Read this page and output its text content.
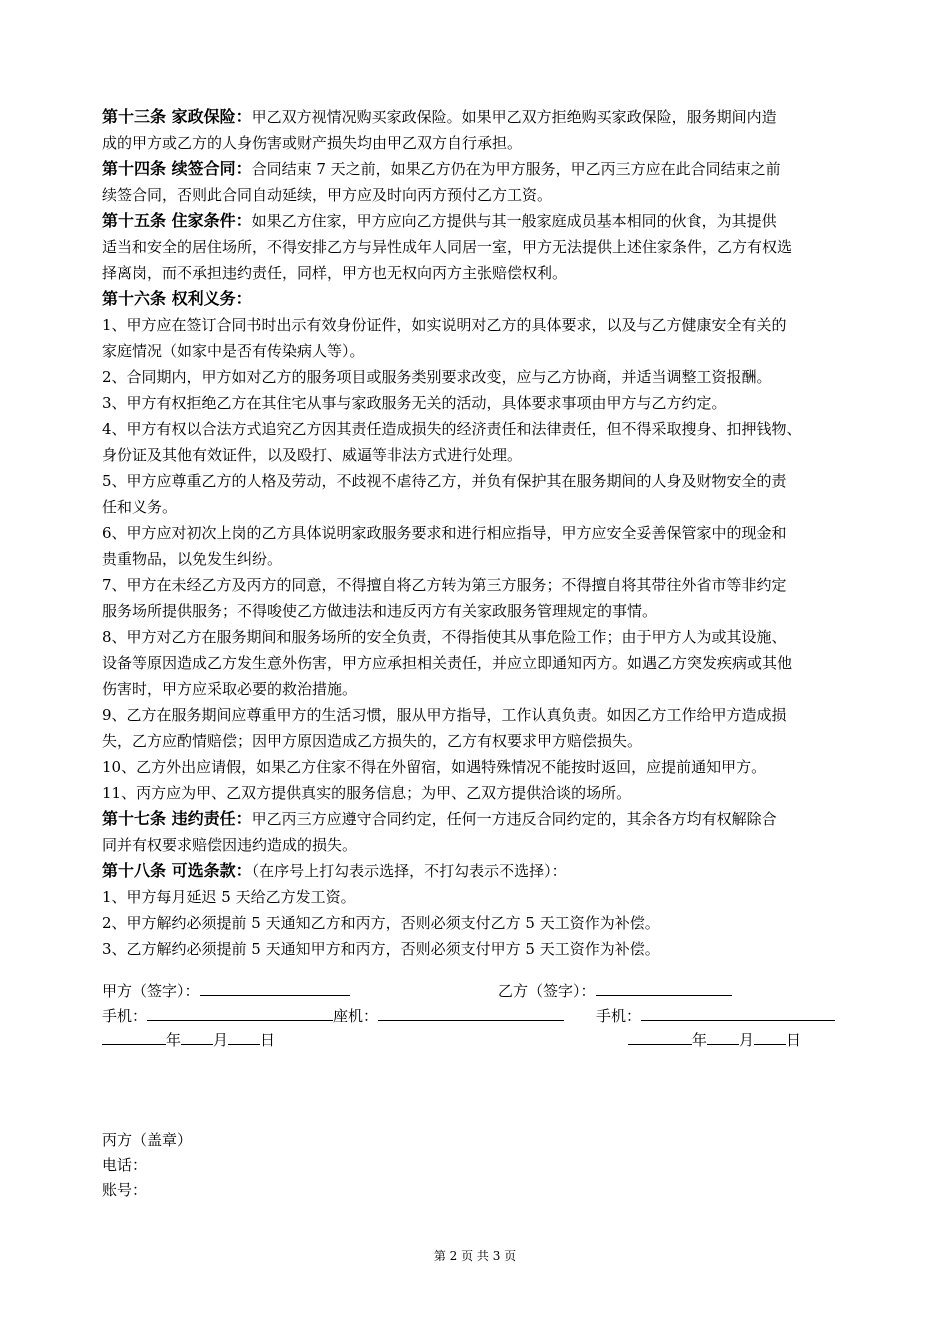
第十三条 家政保险：甲乙双方视情况购买家政保险。如果甲乙双方拒绝购买家政保险，服务期间内造
成的甲方或乙方的人身伤害或财产损失均由甲乙双方自行承担。
第十四条 续签合同：合同结束 7 天之前，如果乙方仍在为甲方服务，甲乙丙三方应在此合同结束之前
续签合同，否则此合同自动延续，甲方应及时向丙方预付乙方工资。
第十五条 住家条件：如果乙方住家，甲方应向乙方提供与其一般家庭成员基本相同的伙食，为其提供
适当和安全的居住场所，不得安排乙方与异性成年人同居一室，甲方无法提供上述住家条件，乙方有权选
择离岗，而不承担违约责任，同样，甲方也无权向丙方主张赔偿权利。
第十六条 权利义务：
1、甲方应在签订合同书时出示有效身份证件，如实说明对乙方的具体要求，以及与乙方健康安全有关的
家庭情况（如家中是否有传染病人等）。
2、合同期内，甲方如对乙方的服务项目或服务类别要求改变，应与乙方协商，并适当调整工资报酬。
3、甲方有权拒绝乙方在其住宅从事与家政服务无关的活动，具体要求事项由甲方与乙方约定。
4、甲方有权以合法方式追究乙方因其责任造成损失的经济责任和法律责任，但不得采取搜身、扣押钱物、
身份证及其他有效证件，以及殴打、威逼等非法方式进行处理。
5、甲方应尊重乙方的人格及劳动，不歧视不虐待乙方，并负有保护其在服务期间的人身及财物安全的责
任和义务。
6、甲方应对初次上岗的乙方具体说明家政服务要求和进行相应指导，甲方应安全妥善保管家中的现金和
贵重物品，以免发生纠纷。
7、甲方在未经乙方及丙方的同意，不得擅自将乙方转为第三方服务；不得擅自将其带往外省市等非约定
服务场所提供服务；不得唆使乙方做违法和违反丙方有关家政服务管理规定的事情。
8、甲方对乙方在服务期间和服务场所的安全负责，不得指使其从事危险工作；由于甲方人为或其设施、
设备等原因造成乙方发生意外伤害，甲方应承担相关责任，并应立即通知丙方。如遇乙方突发疾病或其他
伤害时，甲方应采取必要的救治措施。
9、乙方在服务期间应尊重甲方的生活习惯，服从甲方指导，工作认真负责。如因乙方工作给甲方造成损
失，乙方应酌情赔偿；因甲方原因造成乙方损失的，乙方有权要求甲方赔偿损失。
10、乙方外出应请假，如果乙方住家不得在外留宿，如遇特殊情况不能按时返回，应提前通知甲方。
11、丙方应为甲、乙双方提供真实的服务信息；为甲、乙双方提供洽谈的场所。
第十七条 违约责任：甲乙丙三方应遵守合同约定，任何一方违反合同约定的，其余各方均有权解除合
同并有权要求赔偿因违约造成的损失。
第十八条 可选条款：（在序号上打勾表示选择，不打勾表示不选择）：
1、甲方每月延迟 5 天给乙方发工资。
2、甲方解约必须提前 5 天通知乙方和丙方，否则必须支付乙方 5 天工资作为补偿。
3、乙方解约必须提前 5 天通知甲方和丙方，否则必须支付甲方 5 天工资作为补偿。
甲方（签字）：	乙方（签字）：
手机：	座机：	手机：
年 月 日	年 月 日
丙方（盖章）
电话：
账号：
第 2 页 共 3 页
